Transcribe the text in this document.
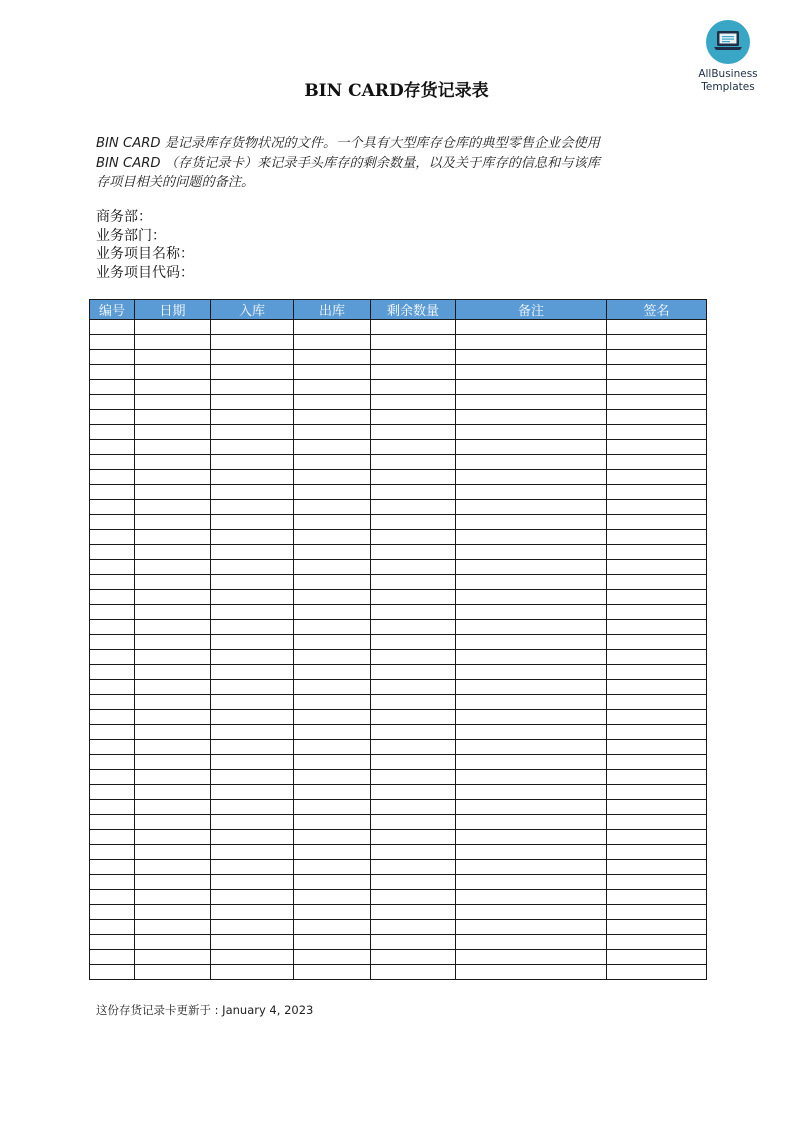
AllBusiness
Templates
BIN CARD存货记录表
BIN CARD 是记录库存货物状况的文件。一个具有大型库存仓库的典型零售企业会使用
BIN CARD （存货记录卡）来记录手头库存的剩余数量，以及关于库存的信息和与该库
存项目相关的问题的备注。
商务部：
业务部门：
业务项目名称：
业务项目代码：
编号	日期	入库	出库	剩余数量	备注	签名

这份存货记录卡更新于 : January 4, 2023
